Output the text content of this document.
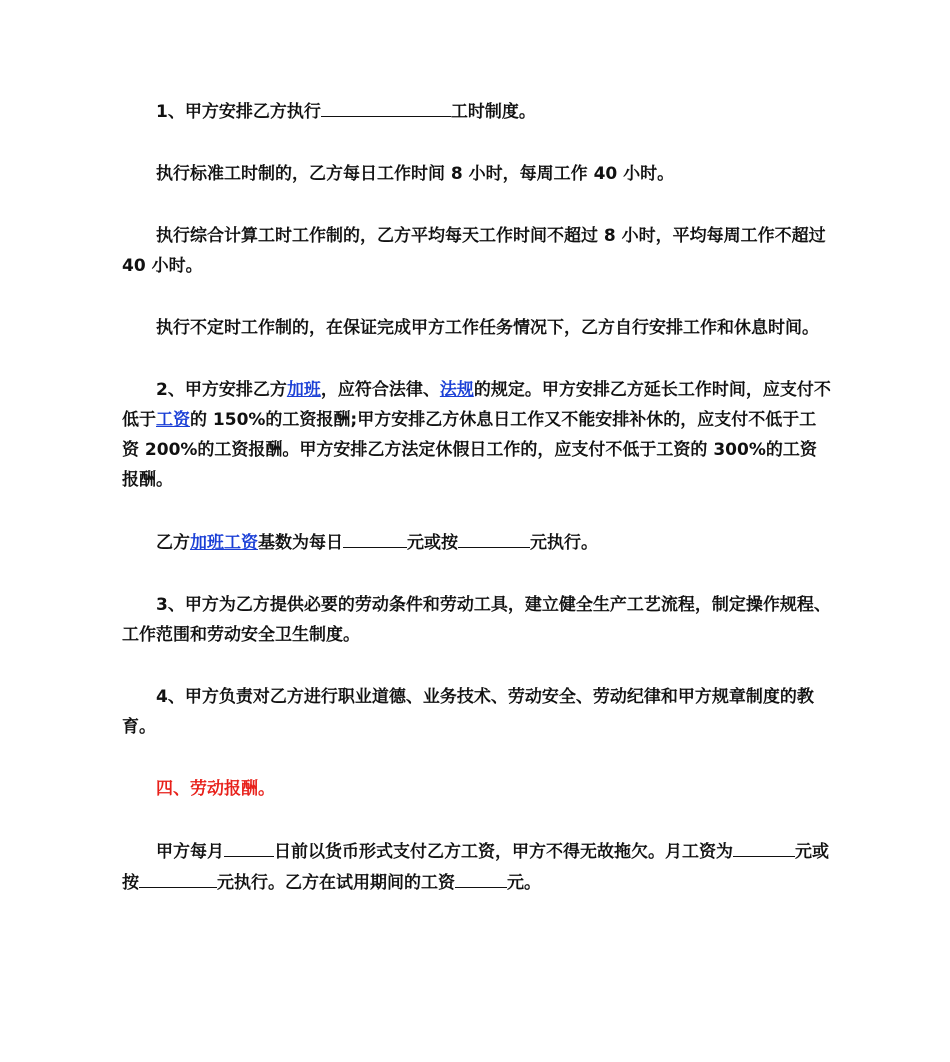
1、甲方安排乙方执行	工时制度。

执行标准工时制的，乙方每日工作时间 8 小时，每周工作 40 小时。

执行综合计算工时工作制的，乙方平均每天工作时间不超过 8 小时，平均每周工作不超过 40 小时。

执行不定时工作制的，在保证完成甲方工作任务情况下，乙方自行安排工作和休息时间。

2、甲方安排乙方加班，应符合法律、法规的规定。甲方安排乙方延长工作时间，应支付不低于工资的 150%的工资报酬;甲方安排乙方休息日工作又不能安排补休的，应支付不低于工资 200%的工资报酬。甲方安排乙方法定休假日工作的，应支付不低于工资的 300%的工资报酬。

乙方加班工资基数为每日	元或按	元执行。

3、甲方为乙方提供必要的劳动条件和劳动工具，建立健全生产工艺流程，制定操作规程、工作范围和劳动安全卫生制度。

4、甲方负责对乙方进行职业道德、业务技术、劳动安全、劳动纪律和甲方规章制度的教育。

四、劳动报酬。

甲方每月	日前以货币形式支付乙方工资，甲方不得无故拖欠。月工资为	元或按	元执行。乙方在试用期间的工资	元。
